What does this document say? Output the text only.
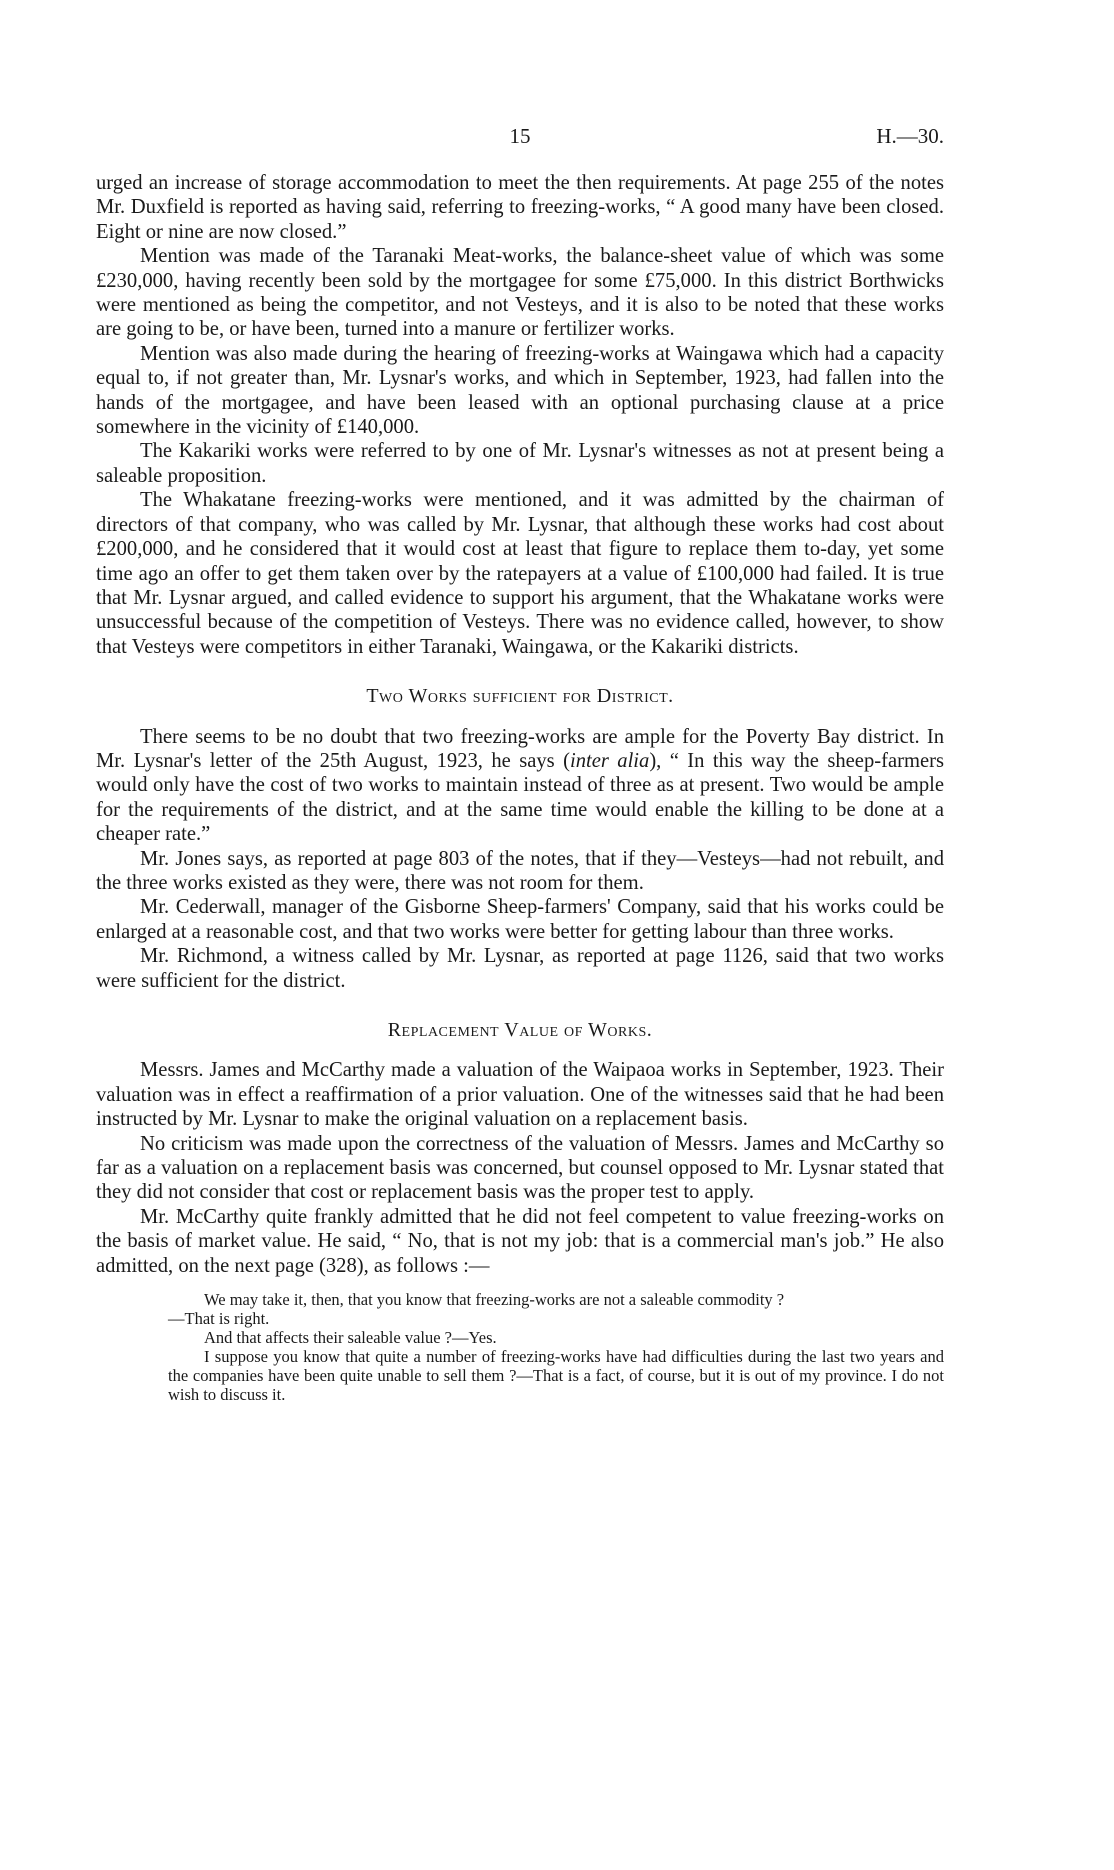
15	H.—30.

urged an increase of storage accommodation to meet the then requirements. At page 255 of the notes Mr. Duxfield is reported as having said, referring to freezing-works, “ A good many have been closed. Eight or nine are now closed.”

Mention was made of the Taranaki Meat-works, the balance-sheet value of which was some £230,000, having recently been sold by the mortgagee for some £75,000. In this district Borthwicks were mentioned as being the competitor, and not Vesteys, and it is also to be noted that these works are going to be, or have been, turned into a manure or fertilizer works.

Mention was also made during the hearing of freezing-works at Waingawa which had a capacity equal to, if not greater than, Mr. Lysnar's works, and which in September, 1923, had fallen into the hands of the mortgagee, and have been leased with an optional purchasing clause at a price somewhere in the vicinity of £140,000.

The Kakariki works were referred to by one of Mr. Lysnar's witnesses as not at present being a saleable proposition.

The Whakatane freezing-works were mentioned, and it was admitted by the chairman of directors of that company, who was called by Mr. Lysnar, that although these works had cost about £200,000, and he considered that it would cost at least that figure to replace them to-day, yet some time ago an offer to get them taken over by the ratepayers at a value of £100,000 had failed. It is true that Mr. Lysnar argued, and called evidence to support his argument, that the Whakatane works were unsuccessful because of the competition of Vesteys. There was no evidence called, however, to show that Vesteys were competitors in either Taranaki, Waingawa, or the Kakariki districts.

Two Works sufficient for District.

There seems to be no doubt that two freezing-works are ample for the Poverty Bay district. In Mr. Lysnar's letter of the 25th August, 1923, he says (inter alia), “ In this way the sheep-farmers would only have the cost of two works to maintain instead of three as at present. Two would be ample for the requirements of the district, and at the same time would enable the killing to be done at a cheaper rate.”

Mr. Jones says, as reported at page 803 of the notes, that if they—Vesteys—had not rebuilt, and the three works existed as they were, there was not room for them.

Mr. Cederwall, manager of the Gisborne Sheep-farmers' Company, said that his works could be enlarged at a reasonable cost, and that two works were better for getting labour than three works.

Mr. Richmond, a witness called by Mr. Lysnar, as reported at page 1126, said that two works were sufficient for the district.

Replacement Value of Works.

Messrs. James and McCarthy made a valuation of the Waipaoa works in September, 1923. Their valuation was in effect a reaffirmation of a prior valuation. One of the witnesses said that he had been instructed by Mr. Lysnar to make the original valuation on a replacement basis.

No criticism was made upon the correctness of the valuation of Messrs. James and McCarthy so far as a valuation on a replacement basis was concerned, but counsel opposed to Mr. Lysnar stated that they did not consider that cost or replacement basis was the proper test to apply.

Mr. McCarthy quite frankly admitted that he did not feel competent to value freezing-works on the basis of market value. He said, “ No, that is not my job: that is a commercial man's job.” He also admitted, on the next page (328), as follows :—

We may take it, then, that you know that freezing-works are not a saleable commodity ?

—That is right.

And that affects their saleable value ?—Yes.

I suppose you know that quite a number of freezing-works have had difficulties during the last two years and the companies have been quite unable to sell them ?—That is a fact, of course, but it is out of my province. I do not wish to discuss it.
